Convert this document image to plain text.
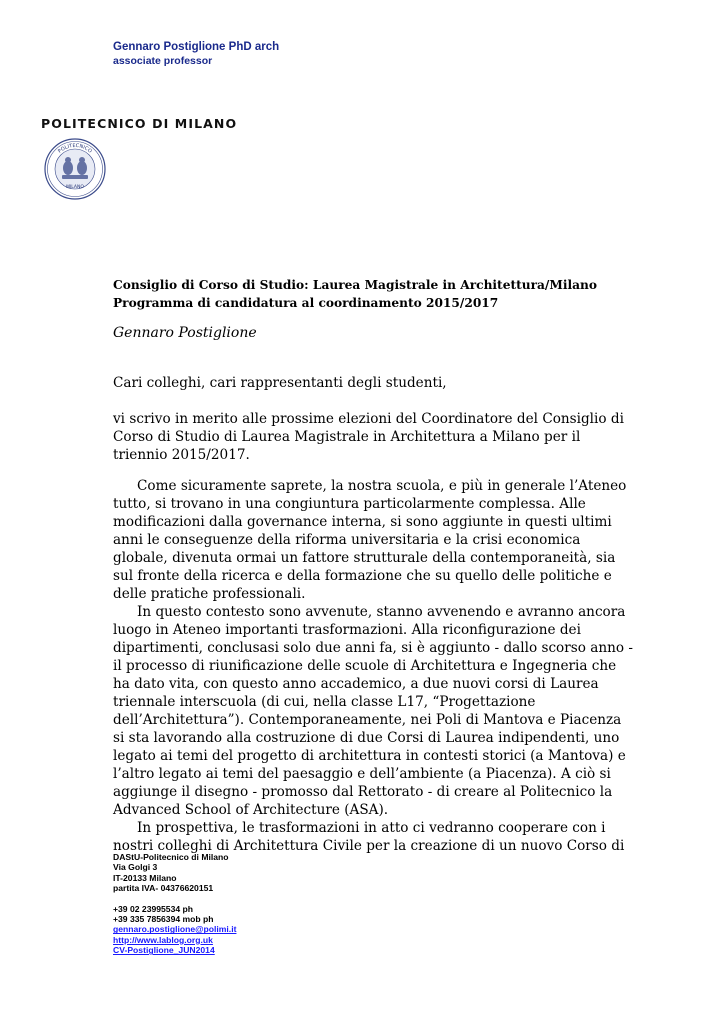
Gennaro Postiglione PhD arch
associate professor
POLITECNICO DI MILANO
POLITECNICO
MILANO
Consiglio di Corso di Studio: Laurea Magistrale in Architettura/Milano
Programma di candidatura al coordinamento 2015/2017
Gennaro Postiglione

Cari colleghi, cari rappresentanti degli studenti,

vi scrivo in merito alle prossime elezioni del Coordinatore del Consiglio di Corso di Studio di Laurea Magistrale in Architettura a Milano per il triennio 2015/2017.

Come sicuramente saprete, la nostra scuola, e più in generale l’Ateneo tutto, si trovano in una congiuntura particolarmente complessa. Alle modificazioni dalla governance interna, si sono aggiunte in questi ultimi anni le conseguenze della riforma universitaria e la crisi economica globale, divenuta ormai un fattore strutturale della contemporaneità, sia sul fronte della ricerca e della formazione che su quello delle politiche e delle pratiche professionali.

In questo contesto sono avvenute, stanno avvenendo e avranno ancora luogo in Ateneo importanti trasformazioni. Alla riconfigurazione dei dipartimenti, conclusasi solo due anni fa, si è aggiunto - dallo scorso anno - il processo di riunificazione delle scuole di Architettura e Ingegneria che ha dato vita, con questo anno accademico, a due nuovi corsi di Laurea triennale interscuola (di cui, nella classe L17, “Progettazione dell’Architettura”). Contemporaneamente, nei Poli di Mantova e Piacenza si sta lavorando alla costruzione di due Corsi di Laurea indipendenti, uno legato ai temi del progetto di architettura in contesti storici (a Mantova) e l’altro legato ai temi del paesaggio e dell’ambiente (a Piacenza). A ciò si aggiunge il disegno - promosso dal Rettorato - di creare al Politecnico la Advanced School of Architecture (ASA).

In prospettiva, le trasformazioni in atto ci vedranno cooperare con i nostri colleghi di Architettura Civile per la creazione di un nuovo Corso di

DAStU-Politecnico di Milano
Via Golgi 3
IT-20133 Milano
partita IVA- 04376620151
+39 02 23995534 ph
+39 335 7856394 mob ph
gennaro.postiglione@polimi.it
http://www.lablog.org.uk
CV-Postiglione_JUN2014
